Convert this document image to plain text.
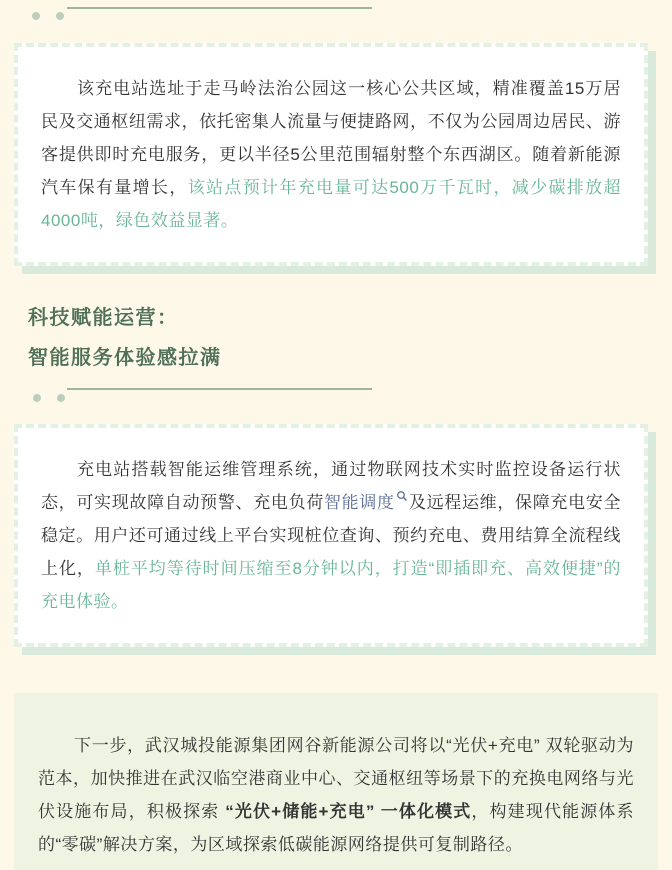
该充电站选址于走马岭法治公园这一核心公共区域，精准覆盖15万居民及交通枢纽需求，依托密集人流量与便捷路网，不仅为公园周边居民、游客提供即时充电服务，更以半径5公里范围辐射整个东西湖区。随着新能源汽车保有量增长，该站点预计年充电量可达500万千瓦时，减少碳排放超4000吨，绿色效益显著。

科技赋能运营：
智能服务体验感拉满

充电站搭载智能运维管理系统，通过物联网技术实时监控设备运行状态，可实现故障自动预警、充电负荷智能调度 及远程运维，保障充电安全稳定。用户还可通过线上平台实现桩位查询、预约充电、费用结算全流程线上化，单桩平均等待时间压缩至8分钟以内，打造“即插即充、高效便捷”的充电体验。

下一步，武汉城投能源集团网谷新能源公司将以“光伏+充电” 双轮驱动为范本，加快推进在武汉临空港商业中心、交通枢纽等场景下的充换电网络与光伏设施布局，积极探索 “光伏+储能+充电” 一体化模式，构建现代能源体系的“零碳”解决方案，为区域探索低碳能源网络提供可复制路径。
